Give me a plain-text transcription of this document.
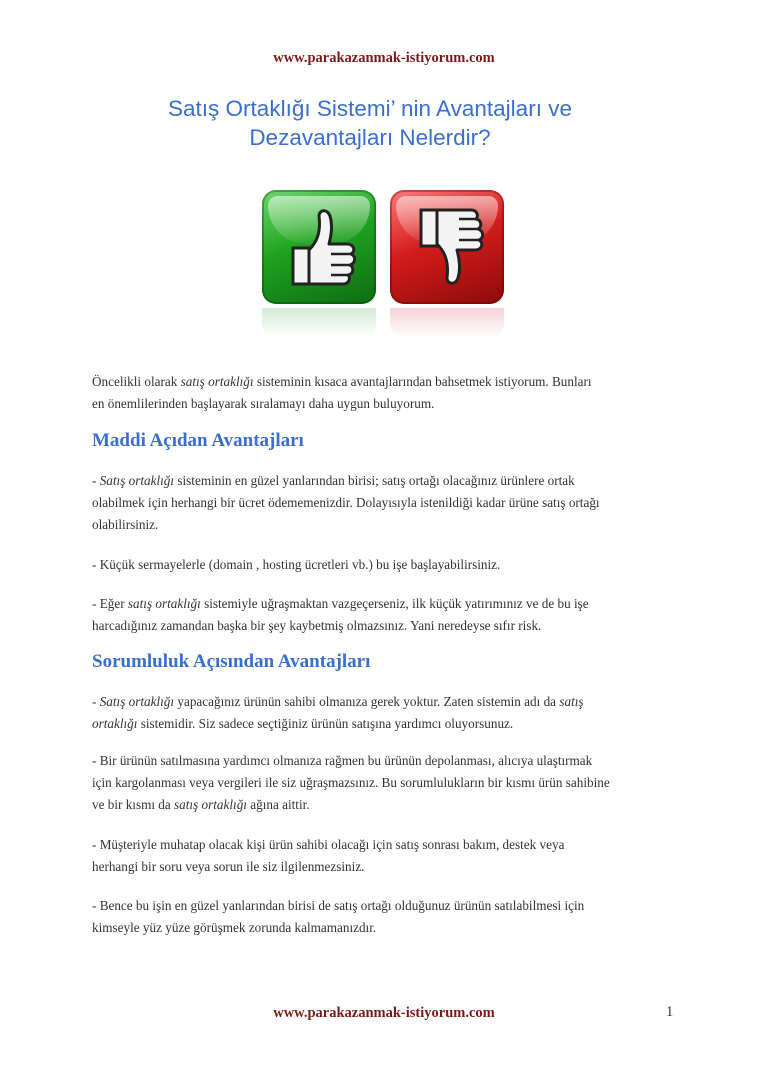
www.parakazanmak-istiyorum.com
Satış Ortaklığı Sistemi’ nin Avantajları ve
Dezavantajları Nelerdir?

Öncelikli olarak satış ortaklığı sisteminin kısaca avantajlarından bahsetmek istiyorum. Bunları
en önemlilerinden başlayarak sıralamayı daha uygun buluyorum.

Maddi Açıdan Avantajları

- Satış ortaklığı sisteminin en güzel yanlarından birisi; satış ortağı olacağınız ürünlere ortak
olabilmek için herhangi bir ücret ödememenizdir. Dolayısıyla istenildiği kadar ürüne satış ortağı
olabilirsiniz.

- Küçük sermayelerle (domain , hosting ücretleri vb.) bu işe başlayabilirsiniz.

- Eğer satış ortaklığı sistemiyle uğraşmaktan vazgeçerseniz, ilk küçük yatırımınız ve de bu işe
harcadığınız zamandan başka bir şey kaybetmiş olmazsınız. Yani neredeyse sıfır risk.

Sorumluluk Açısından Avantajları

- Satış ortaklığı yapacağınız ürünün sahibi olmanıza gerek yoktur. Zaten sistemin adı da satış
ortaklığı sistemidir. Siz sadece seçtiğiniz ürünün satışına yardımcı oluyorsunuz.

- Bir ürünün satılmasına yardımcı olmanıza rağmen bu ürünün depolanması, alıcıya ulaştırmak
için kargolanması veya vergileri ile siz uğraşmazsınız. Bu sorumlulukların bir kısmı ürün sahibine
ve bir kısmı da satış ortaklığı ağına aittir.

- Müşteriyle muhatap olacak kişi ürün sahibi olacağı için satış sonrası bakım, destek veya
herhangi bir soru veya sorun ile siz ilgilenmezsiniz.

- Bence bu işin en güzel yanlarından birisi de satış ortağı olduğunuz ürünün satılabilmesi için
kimseyle yüz yüze görüşmek zorunda kalmamanızdır.

www.parakazanmak-istiyorum.com	1
